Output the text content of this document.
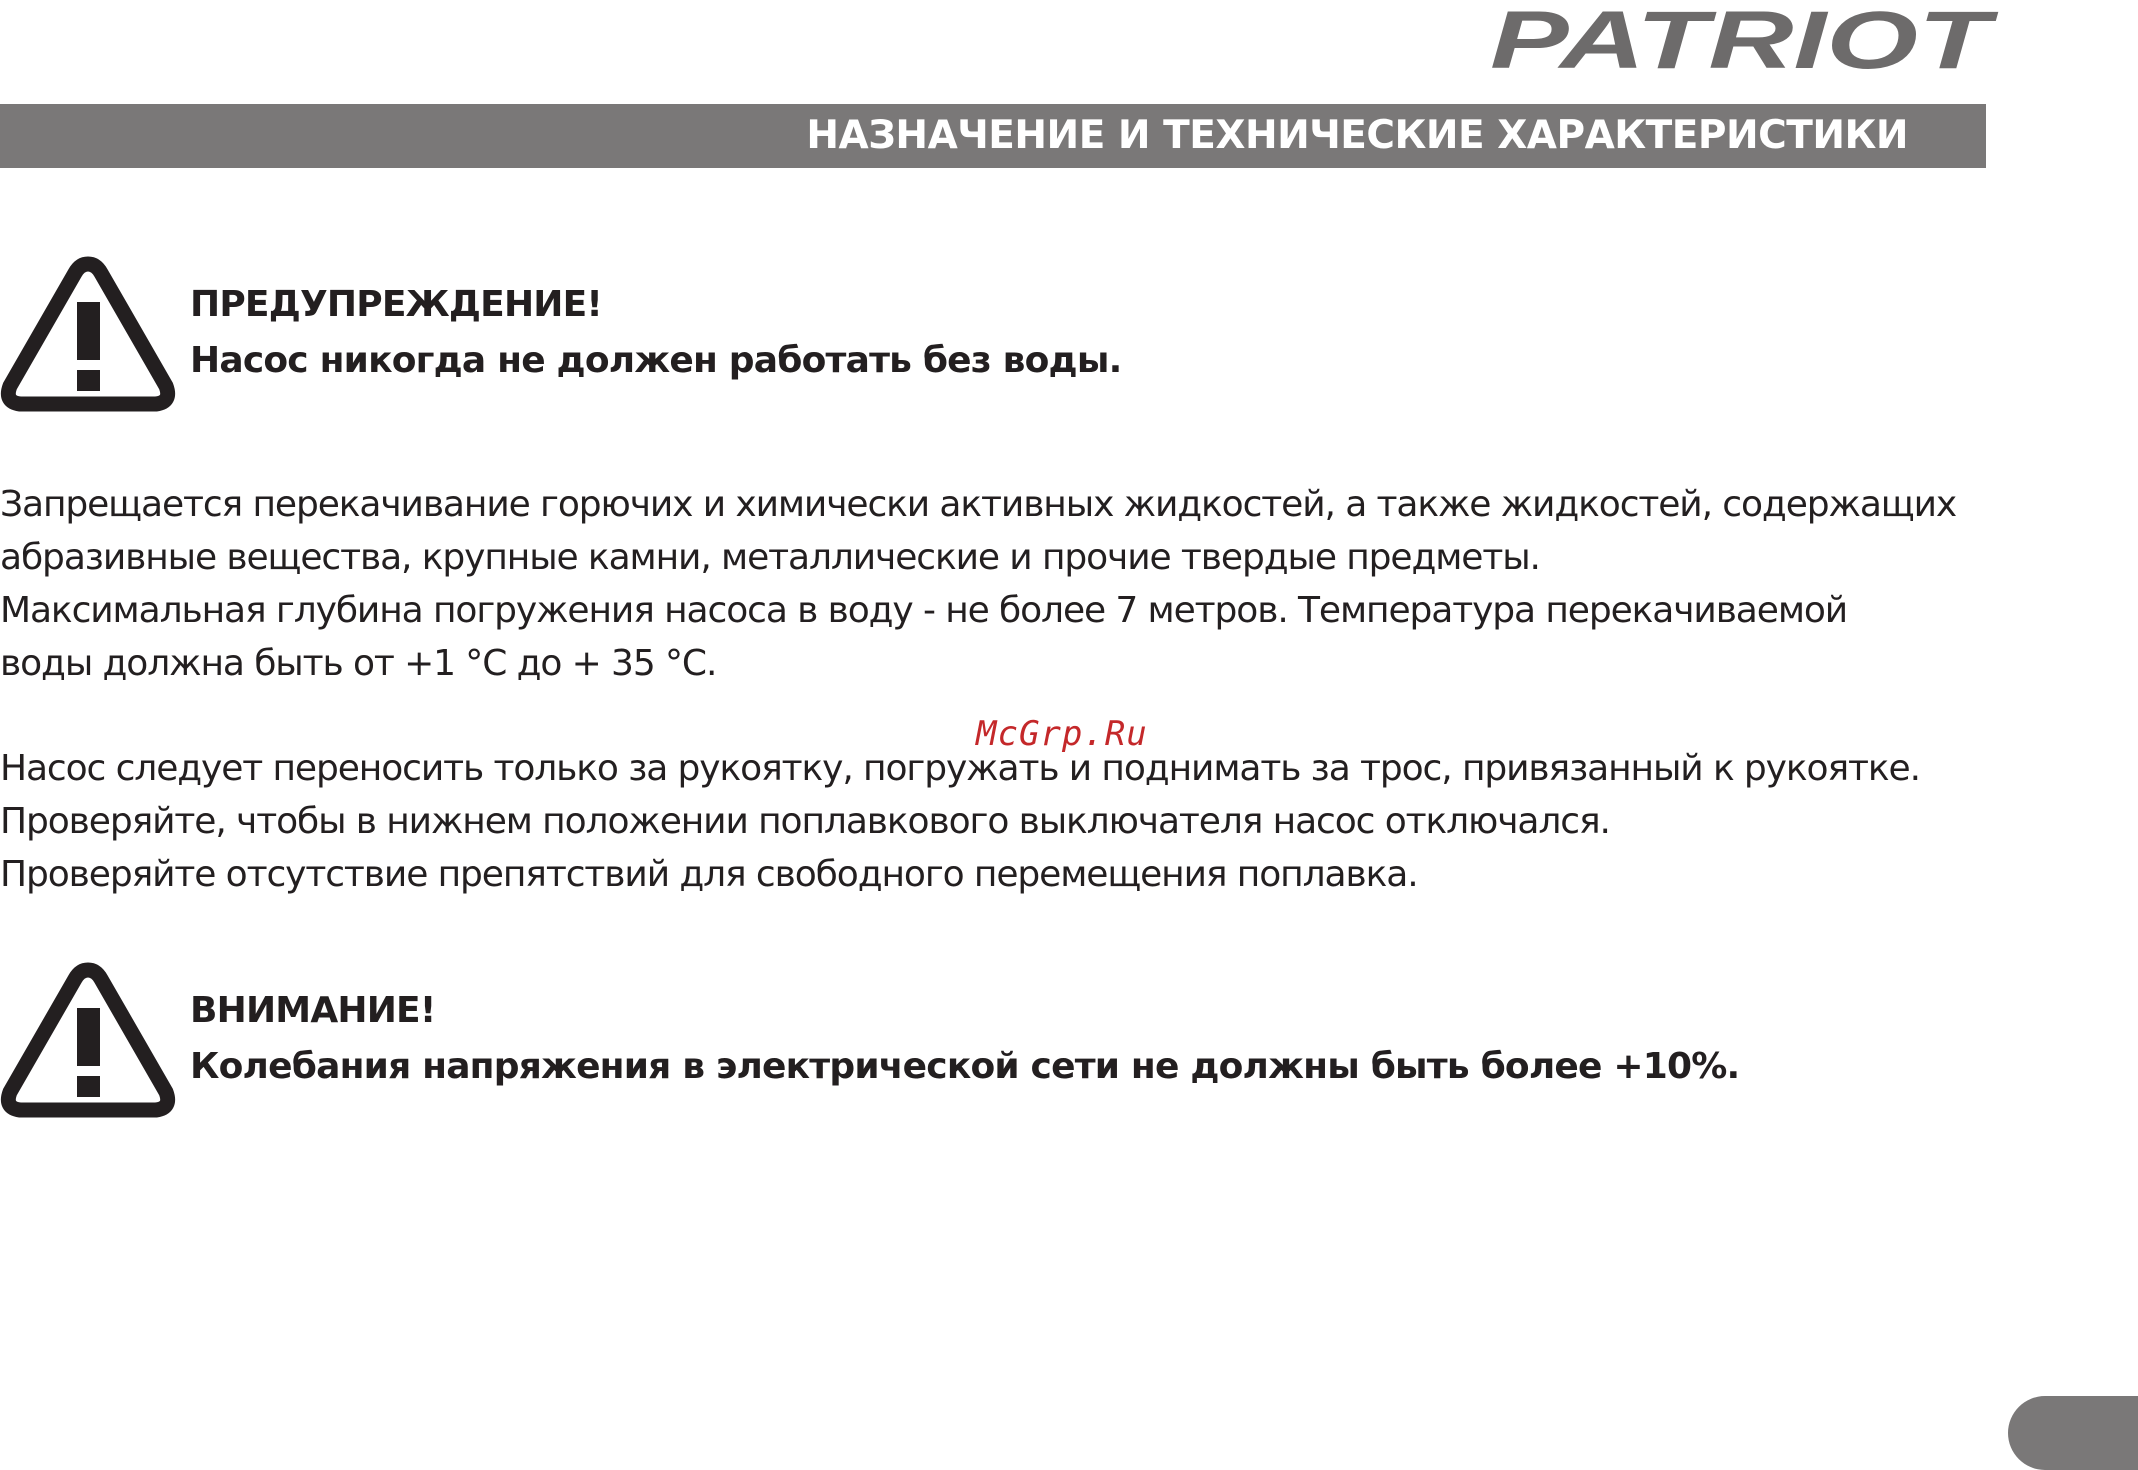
PATRIOT
НАЗНАЧЕНИЕ И ТЕХНИЧЕСКИЕ ХАРАКТЕРИСТИКИ
ПРЕДУПРЕЖДЕНИЕ!
Насос никогда не должен работать без воды.

Запрещается перекачивание горючих и химически активных жидкостей, а также жидкостей, содержащих

абразивные вещества, крупные камни, металлические и прочие твердые предметы.

Максимальная глубина погружения насоса в воду - не более 7 метров. Температура перекачиваемой

воды должна быть от +1 °С до + 35 °С.

McGrp.Ru

Насос следует переносить только за рукоятку, погружать и поднимать за трос, привязанный к рукоятке.

Проверяйте, чтобы в нижнем положении поплавкового выключателя насос отключался.

Проверяйте отсутствие препятствий для свободного перемещения поплавка.

ВНИМАНИЕ!
Колебания напряжения в электрической сети не должны быть более +10%.
